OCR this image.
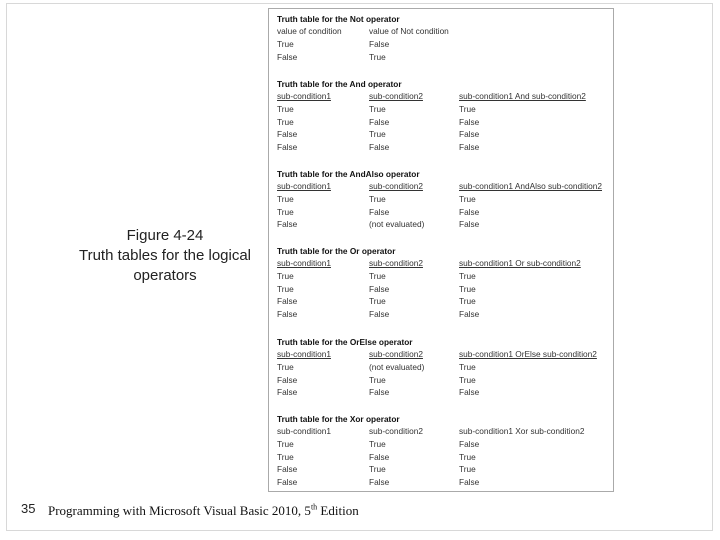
Figure 4-24
Truth tables for the logical
operators
Truth table for the Not operator
value of condition	value of Not condition
True	False
False	True
Truth table for the And operator
sub-condition1	sub-condition2	sub-condition1 And sub-condition2
True	True	True
True	False	False
False	True	False
False	False	False
Truth table for the AndAlso operator
sub-condition1	sub-condition2	sub-condition1 AndAlso sub-condition2
True	True	True
True	False	False
False	(not evaluated)	False
Truth table for the Or operator
sub-condition1	sub-condition2	sub-condition1 Or sub-condition2
True	True	True
True	False	True
False	True	True
False	False	False
Truth table for the OrElse operator
sub-condition1	sub-condition2	sub-condition1 OrElse sub-condition2
True	(not evaluated)	True
False	True	True
False	False	False
Truth table for the Xor operator
sub-condition1	sub-condition2	sub-condition1 Xor sub-condition2
True	True	False
True	False	True
False	True	True
False	False	False
35 Programming with Microsoft Visual Basic 2010, 5th Edition
